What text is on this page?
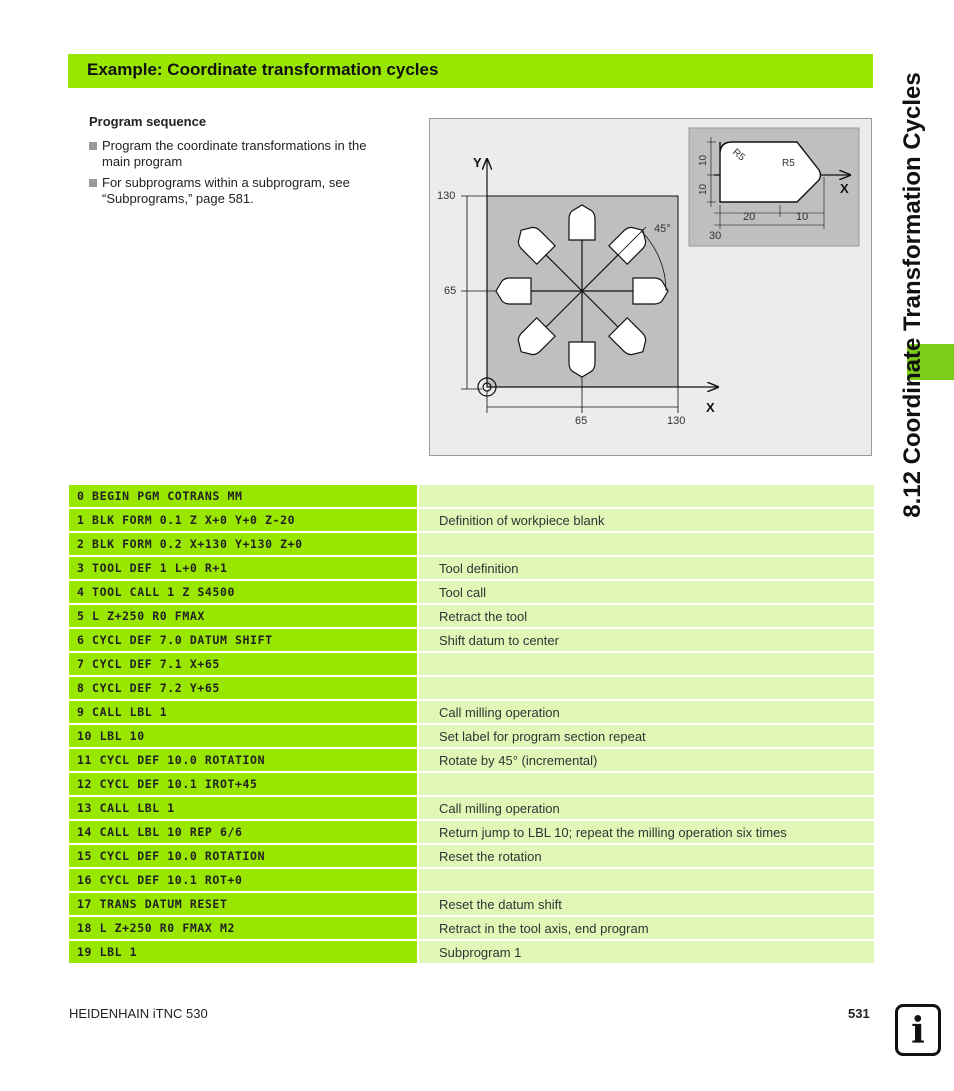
Example: Coordinate transformation cycles
Program sequence
Program the coordinate transformations in the main program
For subprograms within a subprogram, see “Subprograms,” page 581.
Y
X
130
65
65	130
45°
10
10
R5	R5
X
20	10
30
0 BEGIN PGM COTRANS MM	
1 BLK FORM 0.1 Z X+0 Y+0 Z-20	Definition of workpiece blank
2 BLK FORM 0.2 X+130 Y+130 Z+0	
3 TOOL DEF 1 L+0 R+1	Tool definition
4 TOOL CALL 1 Z S4500	Tool call
5 L Z+250 R0 FMAX	Retract the tool
6 CYCL DEF 7.0 DATUM SHIFT	Shift datum to center
7 CYCL DEF 7.1 X+65	
8 CYCL DEF 7.2 Y+65	
9 CALL LBL 1	Call milling operation
10 LBL 10	Set label for program section repeat
11 CYCL DEF 10.0 ROTATION	Rotate by 45° (incremental)
12 CYCL DEF 10.1 IROT+45	
13 CALL LBL 1	Call milling operation
14 CALL LBL 10 REP 6/6	Return jump to LBL 10; repeat the milling operation six times
15 CYCL DEF 10.0 ROTATION	Reset the rotation
16 CYCL DEF 10.1 ROT+0	
17 TRANS DATUM RESET	Reset the datum shift
18 L Z+250 R0 FMAX M2	Retract in the tool axis, end program
19 LBL 1	Subprogram 1
8.12 Coordinate Transformation Cycles
HEIDENHAIN iTNC 530	531	i
